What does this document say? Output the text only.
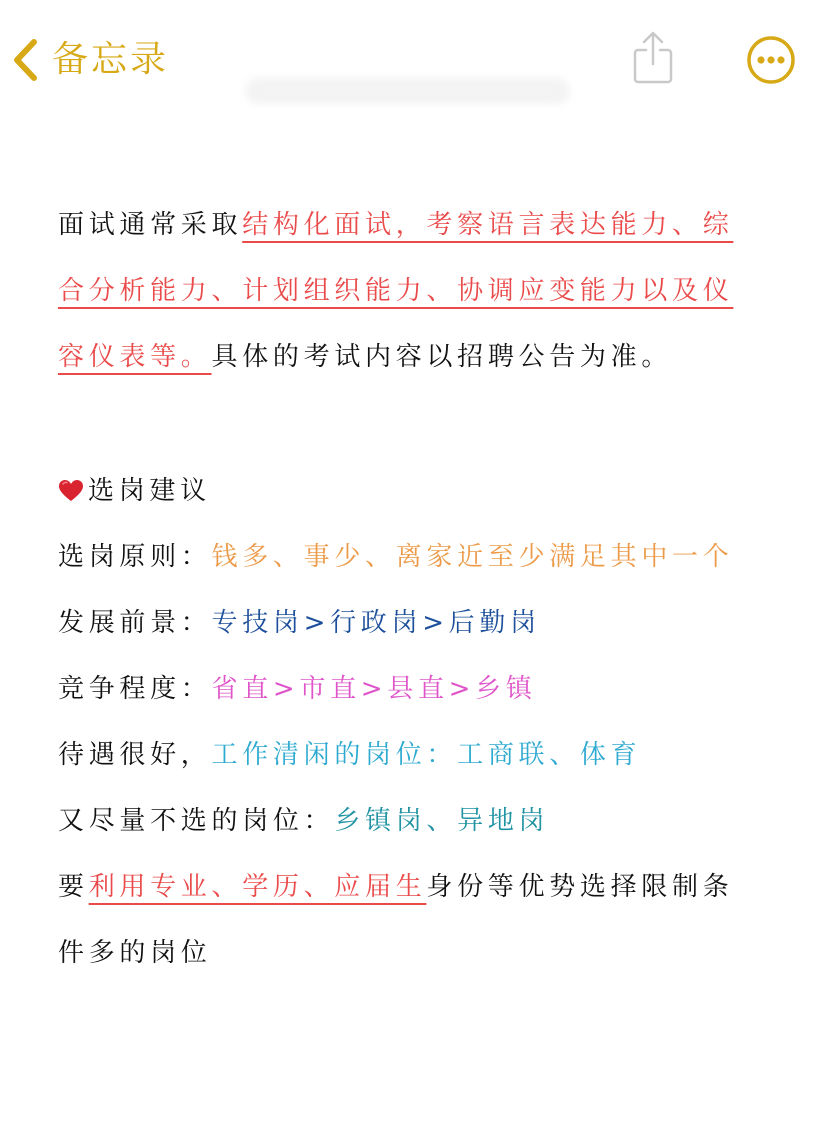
备忘录
面试通常采取结构化面试，考察语言表达能力、综合分析能力、计划组织能力、协调应变能力以及仪容仪表等。具体的考试内容以招聘公告为准。
选岗建议
选岗原则：钱多、事少、离家近至少满足其中一个
发展前景：专技岗>行政岗>后勤岗
竞争程度：省直>市直>县直>乡镇
待遇很好，工作清闲的岗位：工商联、体育
又尽量不选的岗位：乡镇岗、异地岗
要利用专业、学历、应届生身份等优势选择限制条件多的岗位
